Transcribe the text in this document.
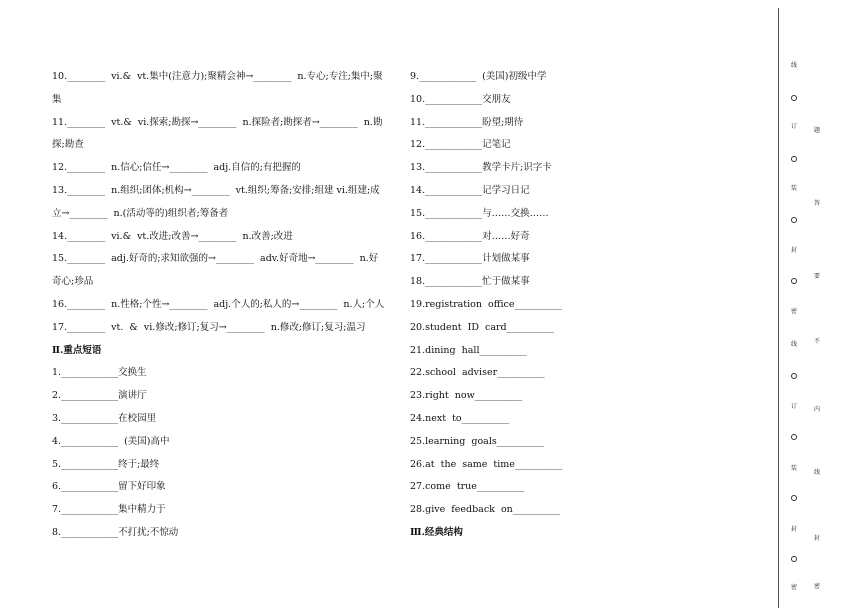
10.________  vi.&  vt.集中(注意力);聚精会神→________  n.专心;专注;集中;聚
集
11.________  vt.&  vi.探索;勘探→________  n.探险者;勘探者→________  n.勘
探;勘查
12.________  n.信心;信任→________  adj.自信的;有把握的
13.________  n.组织;团体;机构→________  vt.组织;筹备;安排;组建 vi.组建;成
立→________  n.(活动等的)组织者;筹备者
14.________  vi.&  vt.改进;改善→________  n.改善;改进
15.________  adj.好奇的;求知欲强的→________  adv.好奇地→________  n.好
奇心;珍品
16.________  n.性格;个性→________  adj.个人的;私人的→________  n.人;个人
17.________  vt.  &  vi.修改;修订;复习→________  n.修改;修订;复习;温习
Ⅱ.重点短语
1.____________交换生
2.____________演讲厅
3.____________在校园里
4.____________  (美国)高中
5.____________终于;最终
6.____________留下好印象
7.____________集中精力于
8.____________不打扰;不惊动
9.____________  (美国)初级中学
10.____________交朋友
11.____________盼望;期待
12.____________记笔记
13.____________教学卡片;识字卡
14.____________记学习日记
15.____________与……交换……
16.____________对……好奇
17.____________计划做某事
18.____________忙于做某事
19.registration  office__________
20.student  ID  card__________
21.dining  hall__________
22.school  adviser__________
23.right  now__________
24.next  to__________
25.learning  goals__________
26.at  the  same  time__________
27.come  true__________
28.give  feedback  on__________
Ⅲ.经典结构
线
订
装
封
密
线
订
装
封
密
题
答
要
不
内
线
封
密
